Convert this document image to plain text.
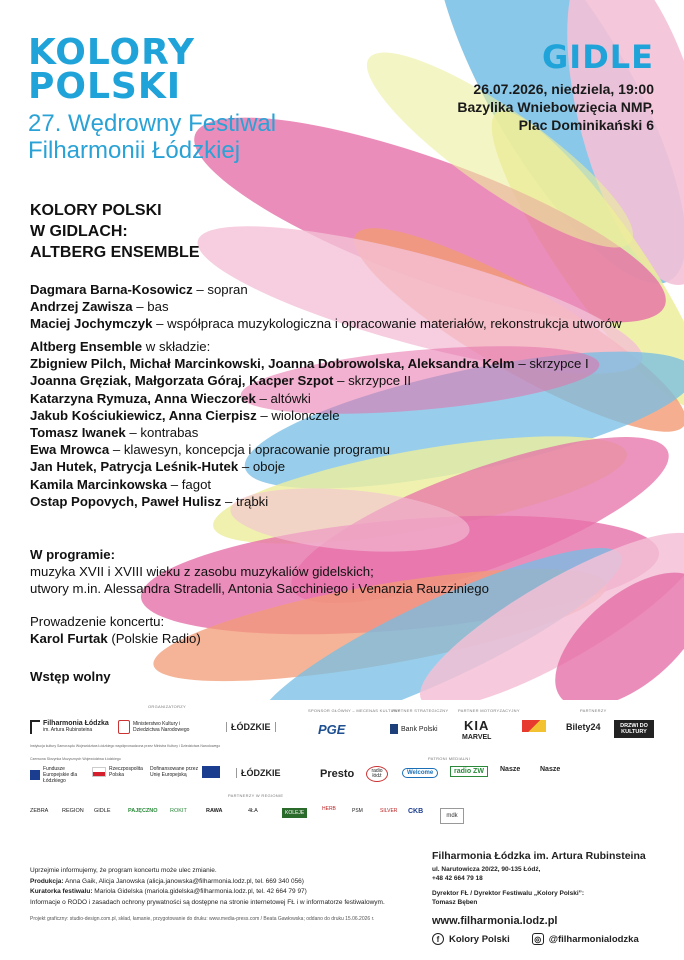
KOLORY
POLSKI
27. Wędrowny Festiwal
Filharmonii Łódzkiej
GIDLE
26.07.2026, niedziela, 19:00
Bazylika Wniebowzięcia NMP,
Plac Dominikański 6
KOLORY POLSKI
W GIDLACH:
ALTBERG ENSEMBLE
Dagmara Barna-Kosowicz – sopran
Andrzej Zawisza – bas
Maciej Jochymczyk – współpraca muzykologiczna i opracowanie materiałów, rekonstrukcja utworów
Altberg Ensemble w składzie:
Zbigniew Pilch, Michał Marcinkowski, Joanna Dobrowolska, Aleksandra Kelm – skrzypce I
Joanna Gręziak, Małgorzata Góraj, Kacper Szpot – skrzypce II
Katarzyna Rymuza, Anna Wieczorek – altówki
Jakub Kościukiewicz, Anna Cierpisz – wiolonczele
Tomasz Iwanek – kontrabas
Ewa Mrowca – klawesyn, koncepcja i opracowanie programu
Jan Hutek, Patrycja Leśnik-Hutek – oboje
Kamila Marcinkowska – fagot
Ostap Popovych, Paweł Hulisz – trąbki
W programie:
muzyka XVII i XVIII wieku z zasobu muzykaliów gidelskich;
utwory m.in. Alessandra Stradelli, Antonia Sacchiniego i Venanzia Rauzziniego
Prowadzenie koncertu:
Karol Furtak (Polskie Radio)
Wstęp wolny
ORGANIZATORZY
SPONSOR GŁÓWNY – MECENAS KULTURY
PARTNER STRATEGICZNY PARTNER MOTORYZACYJNY	PARTNERZY
Filharmonia Łódzka
im. Artura Rubinsteina
Ministerstwo Kultury i Dziedzictwa Narodowego	ŁÓDZKIE	PGE	Bank Polski KIA
MARVEL
Bilety24	DRZWI DO KULTURY
Instytucja kultury Samorządu Województwa Łódzkiego współprowadzona przez Ministra Kultury i Dziedzictwa Narodowego
Czerwona Skrzynka Muzycznych Województwa Łódzkiego
Fundusze Europejskie dla Łódzkiego
Rzeczpospolita Polska
Dofinansowane przez Unię Europejską	ŁÓDZKIE
PATRONI MEDIALNI
Presto	radio łódź	Welcome	radio ZW Nasze	Nasze
PARTNERZY W REGIONIE
ZEBRA REGION GIDLE	PAJĘCZNO ROKIT	RAWA	4ŁA	KOLEJE
HERB	PSM	SILVER CKB
mdk
Uprzejmie informujemy, że program koncertu może ulec zmianie.
Produkcja: Anna Gaik, Alicja Janowska (alicja.janowska@filharmonia.lodz.pl, tel. 669 340 056)
Kuratorka festiwalu: Mariola Gidelska (mariola.gidelska@filharmonia.lodz.pl, tel. 42 664 79 97)
Informacje o RODO i zasadach ochrony prywatności są dostępne na stronie internetowej FŁ i w informatorze festiwalowym.
Projekt graficzny: studio-design.com.pl, skład, łamanie, przygotowanie do druku: www.media-press.com / Beata Gawłowska; oddano do druku 15.06.2026 r.
Filharmonia Łódzka im. Artura Rubinsteina
ul. Narutowicza 20/22, 90-135 Łódź,
+48 42 664 79 18
Dyrektor FŁ / Dyrektor Festiwalu „Kolory Polski”:
Tomasz Bęben
www.filharmonia.lodz.pl
f	Kolory Polski	◎ @filharmonialodzka
